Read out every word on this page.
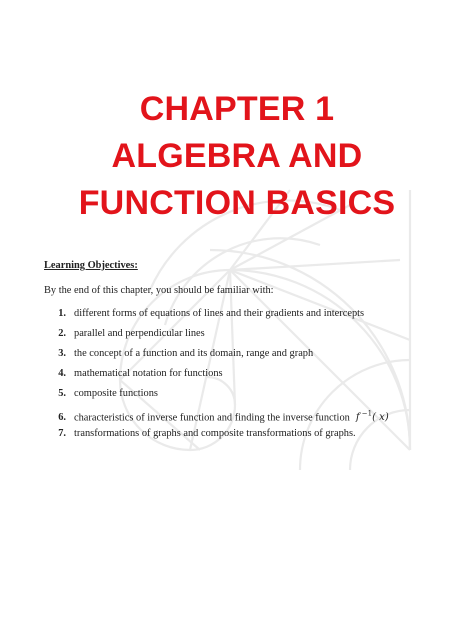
CHAPTER 1
ALGEBRA AND
FUNCTION BASICS

Learning Objectives:

By the end of this chapter, you should be familiar with:

1. different forms of equations of lines and their gradients and intercepts
2. parallel and perpendicular lines
3. the concept of a function and its domain, range and graph
4. mathematical notation for functions
5. composite functions
6. characteristics of inverse function and finding the inverse function f $^{-1}$( x)
7. transformations of graphs and composite transformations of graphs.
